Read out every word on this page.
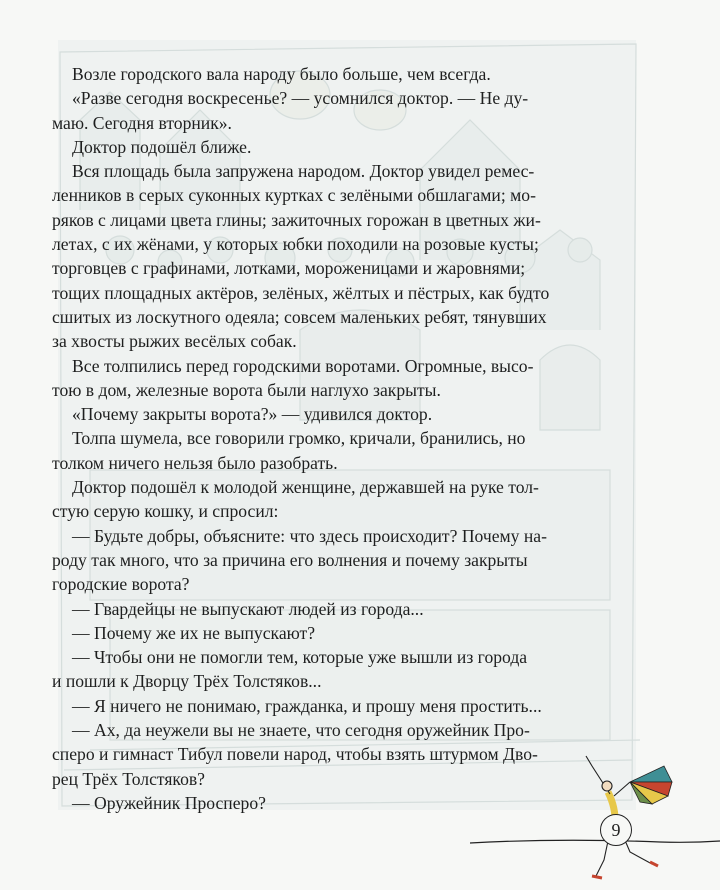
Возле городского вала народу было больше, чем всегда.

«Разве сегодня воскресенье? — усомнился доктор. — Не ду-

маю. Сегодня вторник».

Доктор подошёл ближе.

Вся площадь была запружена народом. Доктор увидел ремес-

ленников в серых суконных куртках с зелёными обшлагами; мо-

ряков с лицами цвета глины; зажиточных горожан в цветных жи-

летах, с их жёнами, у которых юбки походили на розовые кусты;

торговцев с графинами, лотками, мороженицами и жаровнями;

тощих площадных актёров, зелёных, жёлтых и пёстрых, как будто

сшитых из лоскутного одеяла; совсем маленьких ребят, тянувших

за хвосты рыжих весёлых собак.

Все толпились перед городскими воротами. Огромные, высо-

тою в дом, железные ворота были наглухо закрыты.

«Почему закрыты ворота?» — удивился доктор.

Толпа шумела, все говорили громко, кричали, бранились, но

толком ничего нельзя было разобрать.

Доктор подошёл к молодой женщине, державшей на руке тол-

стую серую кошку, и спросил:

— Будьте добры, объясните: что здесь происходит? Почему на-

роду так много, что за причина его волнения и почему закрыты

городские ворота?

— Гвардейцы не выпускают людей из города...

— Почему же их не выпускают?

— Чтобы они не помогли тем, которые уже вышли из города

и пошли к Дворцу Трёх Толстяков...

— Я ничего не понимаю, гражданка, и прошу меня простить...

— Ах, да неужели вы не знаете, что сегодня оружейник Про-

сперо и гимнаст Тибул повели народ, чтобы взять штурмом Дво-

рец Трёх Толстяков?

— Оружейник Просперо?

9
